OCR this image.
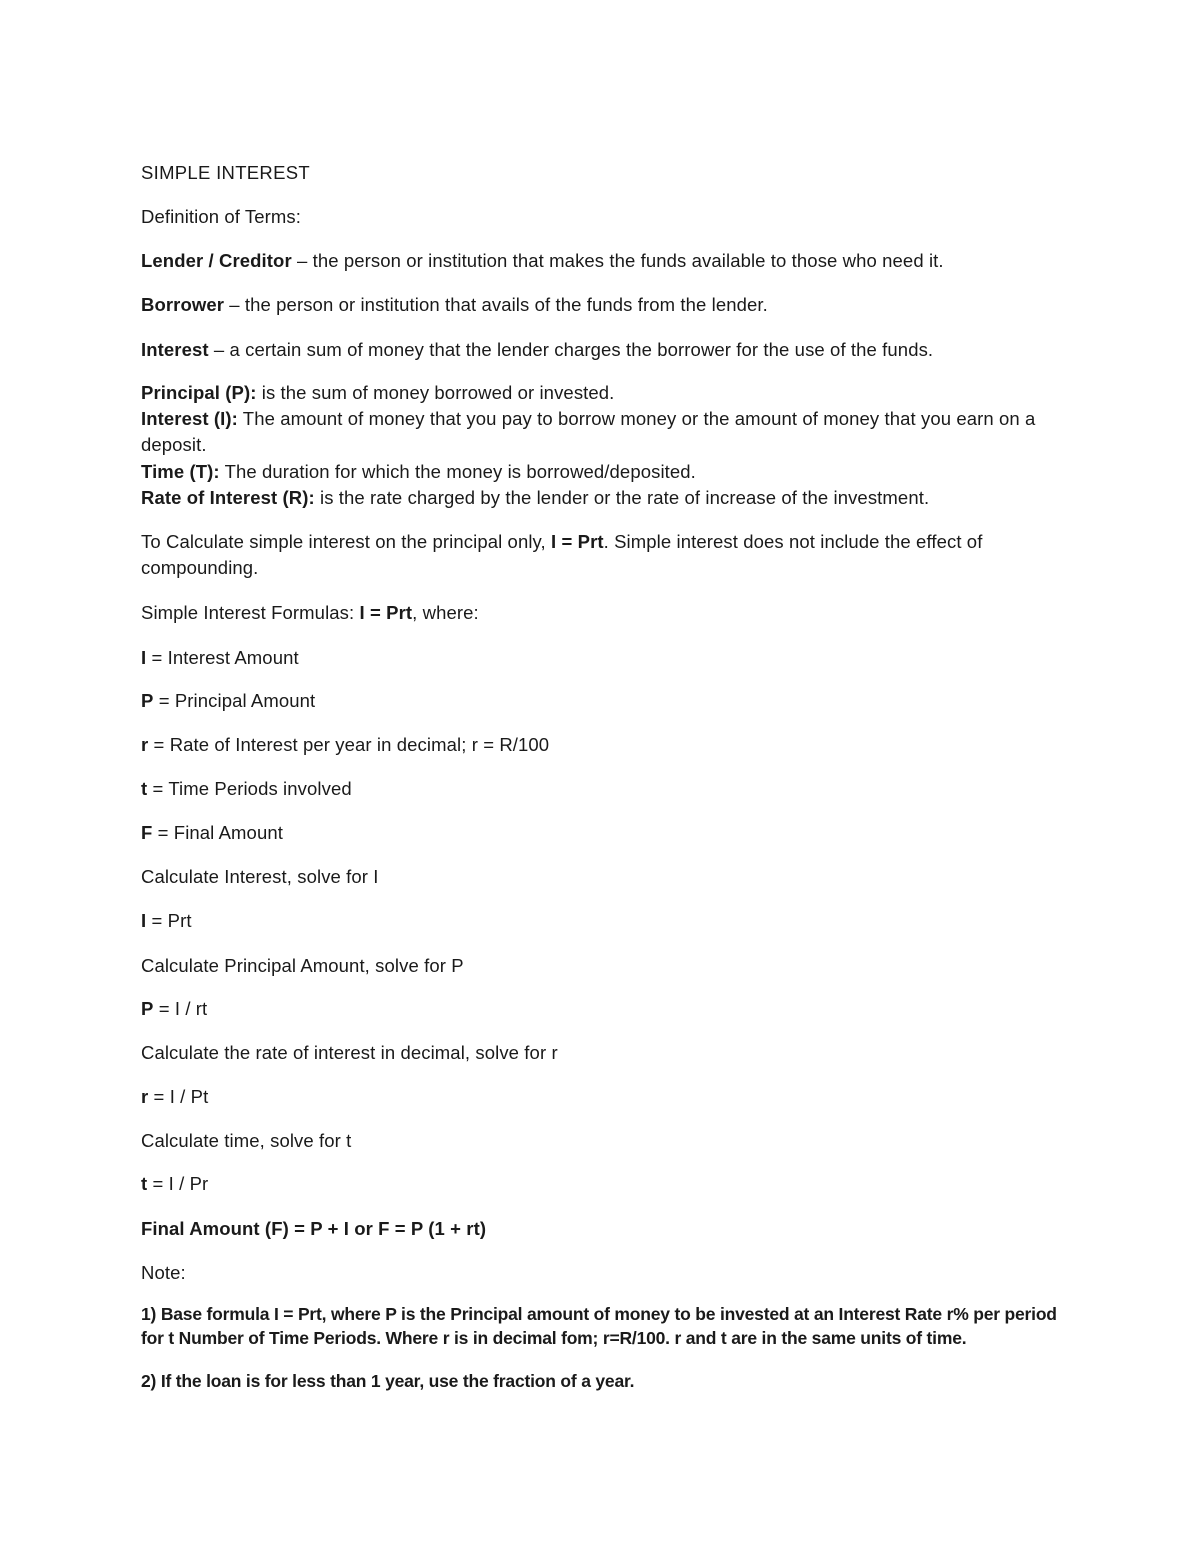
SIMPLE INTEREST
Definition of Terms:
Lender / Creditor – the person or institution that makes the funds available to those who need it.
Borrower – the person or institution that avails of the funds from the lender.
Interest – a certain sum of money that the lender charges the borrower for the use of the funds.
Principal (P): is the sum of money borrowed or invested.
Interest (I): The amount of money that you pay to borrow money or the amount of money that you earn on a deposit.
Time (T): The duration for which the money is borrowed/deposited.
Rate of Interest (R): is the rate charged by the lender or the rate of increase of the investment.
To Calculate simple interest on the principal only, I = Prt. Simple interest does not include the effect of compounding.
Simple Interest Formulas: I = Prt, where:
I = Interest Amount
P = Principal Amount
r = Rate of Interest per year in decimal; r = R/100
t = Time Periods involved
F = Final Amount
Calculate Interest, solve for I
I = Prt
Calculate Principal Amount, solve for P
P = I / rt
Calculate the rate of interest in decimal, solve for r
r = I / Pt
Calculate time, solve for t
t = I / Pr
Final Amount (F) = P + I or F = P (1 + rt)
Note:
1) Base formula I = Prt, where P is the Principal amount of money to be invested at an Interest Rate r% per period for t Number of Time Periods. Where r is in decimal fom; r=R/100. r and t are in the same units of time.
2) If the loan is for less than 1 year, use the fraction of a year.
